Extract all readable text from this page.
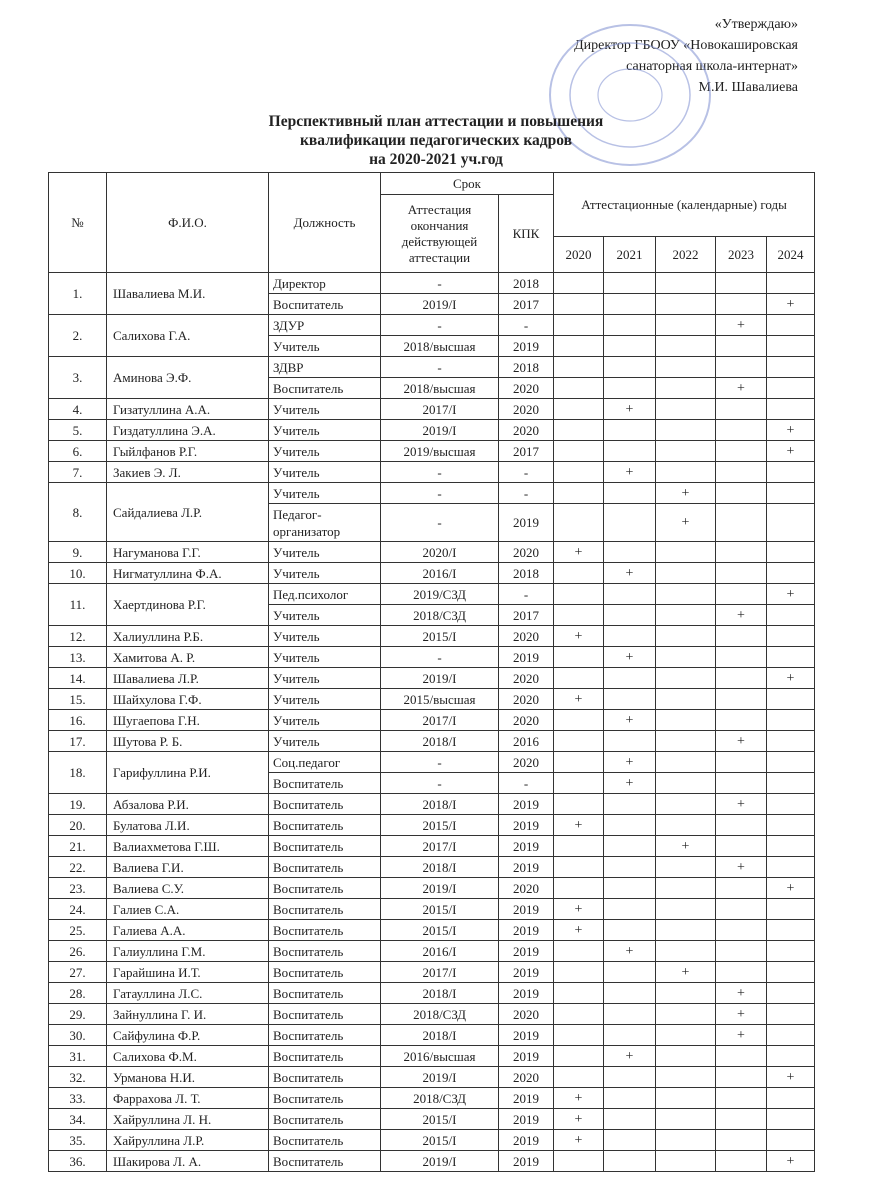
«Утверждаю»
Директор ГБООУ «Новокашировская
санаторная школа-интернат»
М.И. Шавалиева
Перспективный план аттестации и повышения
квалификации педагогических кадров
на 2020-2021 уч.год
№	Ф.И.О.	Должность	Срок		Аттестационные (календарные) годы				
			Аттестация окончания действующей аттестации	КПК					
					2020	2021	2022	2023	2024
1.	Шавалиева М.И.	Директор	-	2018					
		Воспитатель	2019/I	2017					+
2.	Салихова Г.А.	ЗДУР	-	-				+	
		Учитель	2018/высшая	2019					
3.	Аминова Э.Ф.	ЗДВР	-	2018					
		Воспитатель	2018/высшая	2020				+	
4.	Гизатуллина А.А.	Учитель	2017/I	2020		+			
5.	Гиздатуллина Э.А.	Учитель	2019/I	2020					+
6.	Гыйлфанов Р.Г.	Учитель	2019/высшая	2017					+
7.	Закиев Э. Л.	Учитель	-	-		+			
8.	Сайдалиева Л.Р.	Учитель	-	-			+		
		Педагог-организатор	-	2019			+		
9.	Нагуманова Г.Г.	Учитель	2020/I	2020	+				
10.	Нигматуллина Ф.А.	Учитель	2016/I	2018		+			
11.	Хаертдинова Р.Г.	Пед.психолог	2019/СЗД	-					+
		Учитель	2018/СЗД	2017				+	
12.	Халиуллина Р.Б.	Учитель	2015/I	2020	+				
13.	Хамитова А. Р.	Учитель	-	2019		+			
14.	Шавалиева Л.Р.	Учитель	2019/I	2020					+
15.	Шайхулова Г.Ф.	Учитель	2015/высшая	2020	+				
16.	Шугаепова Г.Н.	Учитель	2017/I	2020		+			
17.	Шутова Р. Б.	Учитель	2018/I	2016				+	
18.	Гарифуллина Р.И.	Соц.педагог	-	2020		+			
		Воспитатель	-	-		+			
19.	Абзалова Р.И.	Воспитатель	2018/I	2019				+	
20.	Булатова Л.И.	Воспитатель	2015/I	2019	+				
21.	Валиахметова Г.Ш.	Воспитатель	2017/I	2019			+		
22.	Валиева Г.И.	Воспитатель	2018/I	2019				+	
23.	Валиева С.У.	Воспитатель	2019/I	2020					+
24.	Галиев С.А.	Воспитатель	2015/I	2019	+				
25.	Галиева А.А.	Воспитатель	2015/I	2019	+				
26.	Галиуллина Г.М.	Воспитатель	2016/I	2019		+			
27.	Гарайшина И.Т.	Воспитатель	2017/I	2019			+		
28.	Гатауллина Л.С.	Воспитатель	2018/I	2019				+	
29.	Зайнуллина Г. И.	Воспитатель	2018/СЗД	2020				+	
30.	Сайфулина Ф.Р.	Воспитатель	2018/I	2019				+	
31.	Салихова Ф.М.	Воспитатель	2016/высшая	2019		+			
32.	Урманова Н.И.	Воспитатель	2019/I	2020					+
33.	Фаррахова Л. Т.	Воспитатель	2018/СЗД	2019	+				
34.	Хайруллина Л. Н.	Воспитатель	2015/I	2019	+				
35.	Хайруллина Л.Р.	Воспитатель	2015/I	2019	+				
36.	Шакирова Л. А.	Воспитатель	2019/I	2019					+
